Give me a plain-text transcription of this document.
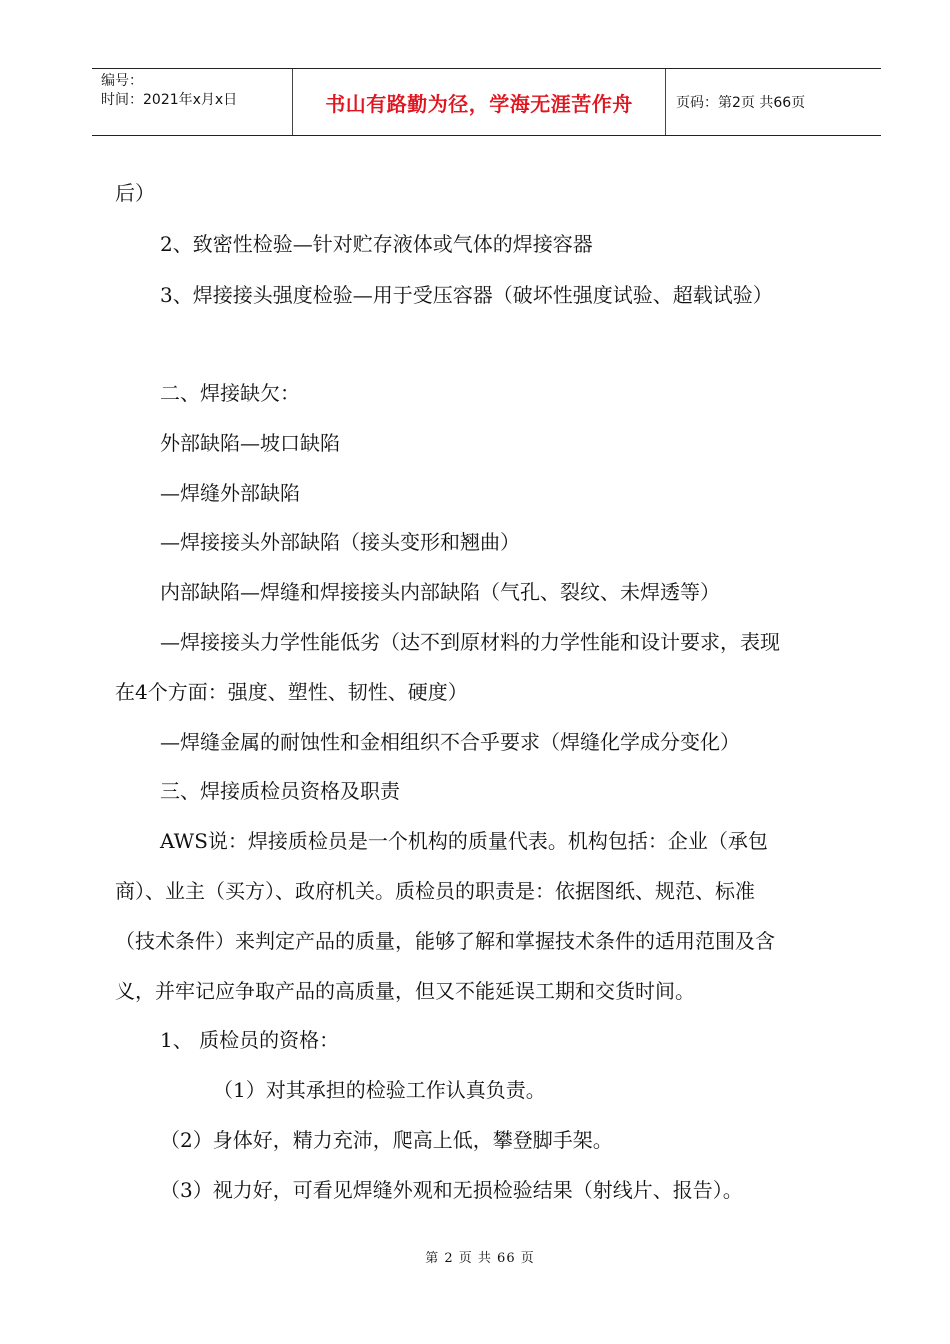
编号：
时间：2021年x月x日	书山有路勤为径，学海无涯苦作舟	页码：第2页 共66页
后）
2、致密性检验—针对贮存液体或气体的焊接容器
3、焊接接头强度检验—用于受压容器（破坏性强度试验、超载试验）
二、焊接缺欠：
外部缺陷—坡口缺陷
—焊缝外部缺陷
—焊接接头外部缺陷（接头变形和翘曲）
内部缺陷—焊缝和焊接接头内部缺陷（气孔、裂纹、未焊透等）
—焊接接头力学性能低劣（达不到原材料的力学性能和设计要求，表现
在4个方面：强度、塑性、韧性、硬度）
—焊缝金属的耐蚀性和金相组织不合乎要求（焊缝化学成分变化）
三、焊接质检员资格及职责
AWS说：焊接质检员是一个机构的质量代表。机构包括：企业（承包
商）、业主（买方）、政府机关。质检员的职责是：依据图纸、规范、标准
（技术条件）来判定产品的质量，能够了解和掌握技术条件的适用范围及含
义，并牢记应争取产品的高质量，但又不能延误工期和交货时间。
1、 质检员的资格：
（1）对其承担的检验工作认真负责。
（2）身体好，精力充沛，爬高上低，攀登脚手架。
（3）视力好，可看见焊缝外观和无损检验结果（射线片、报告）。
第 2 页 共 66 页
